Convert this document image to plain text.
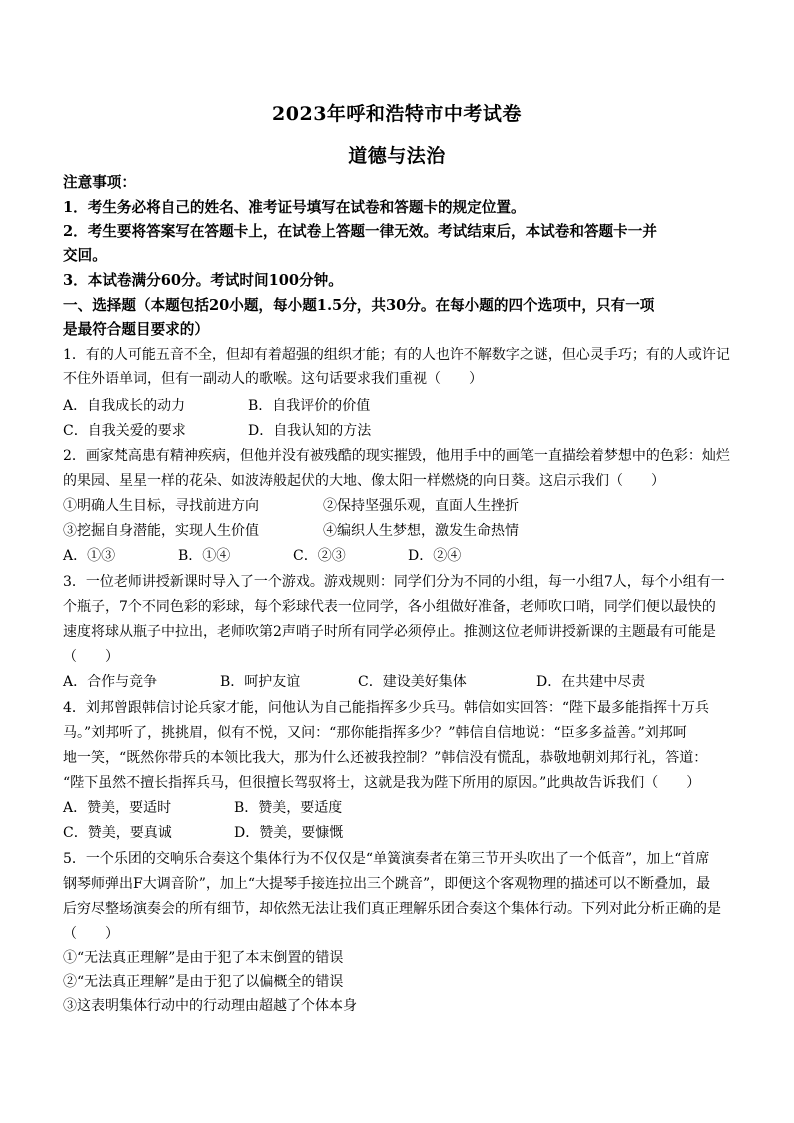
2023年呼和浩特市中考试卷
道德与法治
注意事项：
1．考生务必将自己的姓名、准考证号填写在试卷和答题卡的规定位置。
2．考生要将答案写在答题卡上，在试卷上答题一律无效。考试结束后，本试卷和答题卡一并
交回。
3．本试卷满分60分。考试时间100分钟。
一、选择题（本题包括20小题，每小题1.5分，共30分。在每小题的四个选项中，只有一项
是最符合题目要求的）
1．有的人可能五音不全，但却有着超强的组织才能；有的人也许不解数字之谜，但心灵手巧；有的人或许记
不住外语单词，但有一副动人的歌喉。这句话要求我们重视（　　）
A．自我成长的动力	B．自我评价的价值
C．自我关爱的要求	D．自我认知的方法
2．画家梵高患有精神疾病，但他并没有被残酷的现实摧毁，他用手中的画笔一直描绘着梦想中的色彩：灿烂
的果园、星星一样的花朵、如波涛般起伏的大地、像太阳一样燃烧的向日葵。这启示我们（　　）
①明确人生目标，寻找前进方向	②保持坚强乐观，直面人生挫折
③挖掘自身潜能，实现人生价值	④编织人生梦想，激发生命热情
A．①③	B．①④	C．②③	D．②④
3．一位老师讲授新课时导入了一个游戏。游戏规则：同学们分为不同的小组，每一小组7人，每个小组有一
个瓶子，7个不同色彩的彩球，每个彩球代表一位同学，各小组做好准备，老师吹口哨，同学们便以最快的
速度将球从瓶子中拉出，老师吹第2声哨子时所有同学必须停止。推测这位老师讲授新课的主题最有可能是
（　　）
A．合作与竞争	B．呵护友谊	C．建设美好集体	D．在共建中尽责
4．刘邦曾跟韩信讨论兵家才能，问他认为自己能指挥多少兵马。韩信如实回答：“陛下最多能指挥十万兵
马。”刘邦听了，挑挑眉，似有不悦，又问：“那你能指挥多少？”韩信自信地说：“臣多多益善。”刘邦呵
地一笑，“既然你带兵的本领比我大，那为什么还被我控制？”韩信没有慌乱，恭敬地朝刘邦行礼，答道：
“陛下虽然不擅长指挥兵马，但很擅长驾驭将士，这就是我为陛下所用的原因。”此典故告诉我们（　　）
A．赞美，要适时	B．赞美，要适度
C．赞美，要真诚	D．赞美，要慷慨
5．一个乐团的交响乐合奏这个集体行为不仅仅是“单簧演奏者在第三节开头吹出了一个低音”，加上“首席
钢琴师弹出F大调音阶”，加上“大提琴手接连拉出三个跳音”，即便这个客观物理的描述可以不断叠加，最
后穷尽整场演奏会的所有细节，却依然无法让我们真正理解乐团合奏这个集体行动。下列对此分析正确的是
（　　）
①“无法真正理解”是由于犯了本末倒置的错误
②“无法真正理解”是由于犯了以偏概全的错误
③这表明集体行动中的行动理由超越了个体本身
